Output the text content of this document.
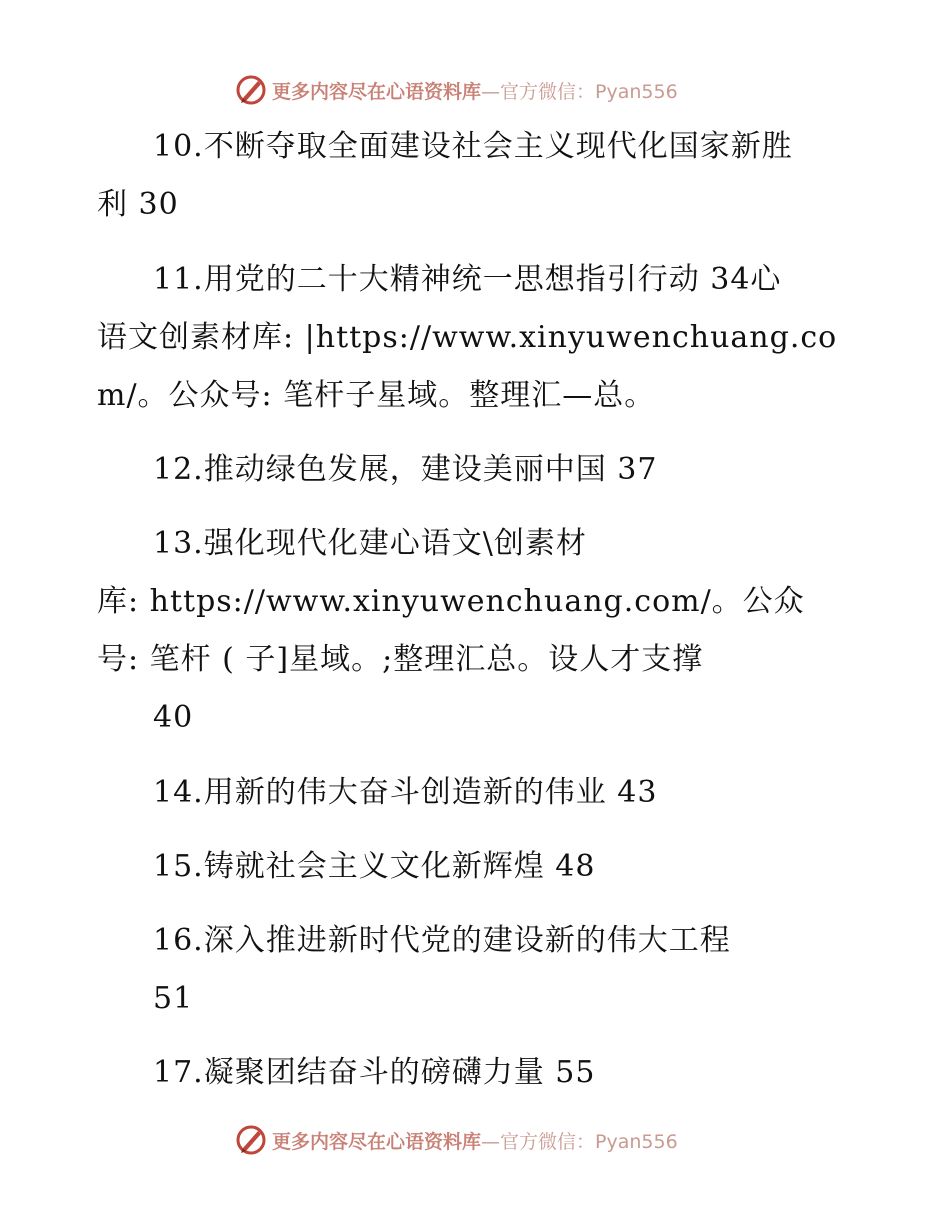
更多内容尽在心语资料库—官方微信：Pyan556
10.不断夺取全面建设社会主义现代化国家新胜
利 30
11.用党的二十大精神统一思想指引行动 34心
语文创素材库: |https://www.xinyuwenchuang.co
m/。公众号: 笔杆子星域。整理汇—总。
12.推动绿色发展，建设美丽中国 37
13.强化现代化建心语文\创素材
库: https://www.xinyuwenchuang.com/。公众
号: 笔杆 ( 子]星域。;整理汇总。设人才支撑
40
14.用新的伟大奋斗创造新的伟业 43
15.铸就社会主义文化新辉煌 48
16.深入推进新时代党的建设新的伟大工程
51
17.凝聚团结奋斗的磅礴力量 55
更多内容尽在心语资料库—官方微信：Pyan556
